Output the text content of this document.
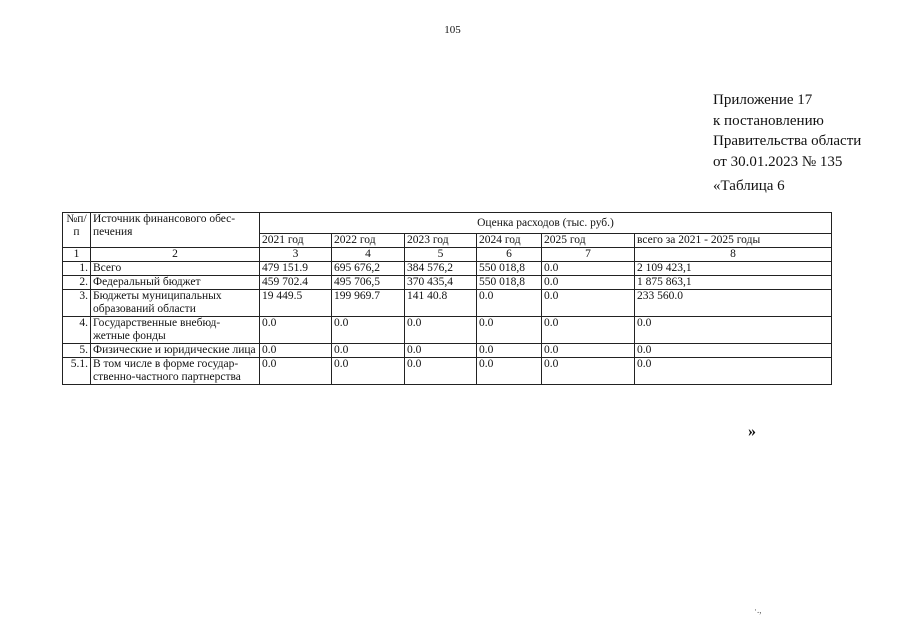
105
Приложение 17
к постановлению
Правительства области
от 30.01.2023 № 135
«Таблица 6
№п/п	Источник финансового обес-печения	Оценка расходов (тыс. руб.)					
		2021 год	2022 год	2023 год	2024 год	2025 год	всего за 2021 - 2025 годы
1	2	3	4	5	6	7	8
1.	Всего	479 151.9	695 676,2	384 576,2	550 018,8	0.0	2 109 423,1
2.	Федеральный бюджет	459 702.4	495 706,5	370 435,4	550 018,8	0.0	1 875 863,1
3.	Бюджеты муниципальных образований области	19 449.5	199 969.7	141 40.8	0.0	0.0	233 560.0
4.	Государственные внебюд-жетные фонды	0.0	0.0	0.0	0.0	0.0	0.0
5.	Физические и юридические лица	0.0	0.0	0.0	0.0	0.0	0.0
5.1.	В том числе в форме государ-ственно-частного партнерства	0.0	0.0	0.0	0.0	0.0	0.0
»
·.,
